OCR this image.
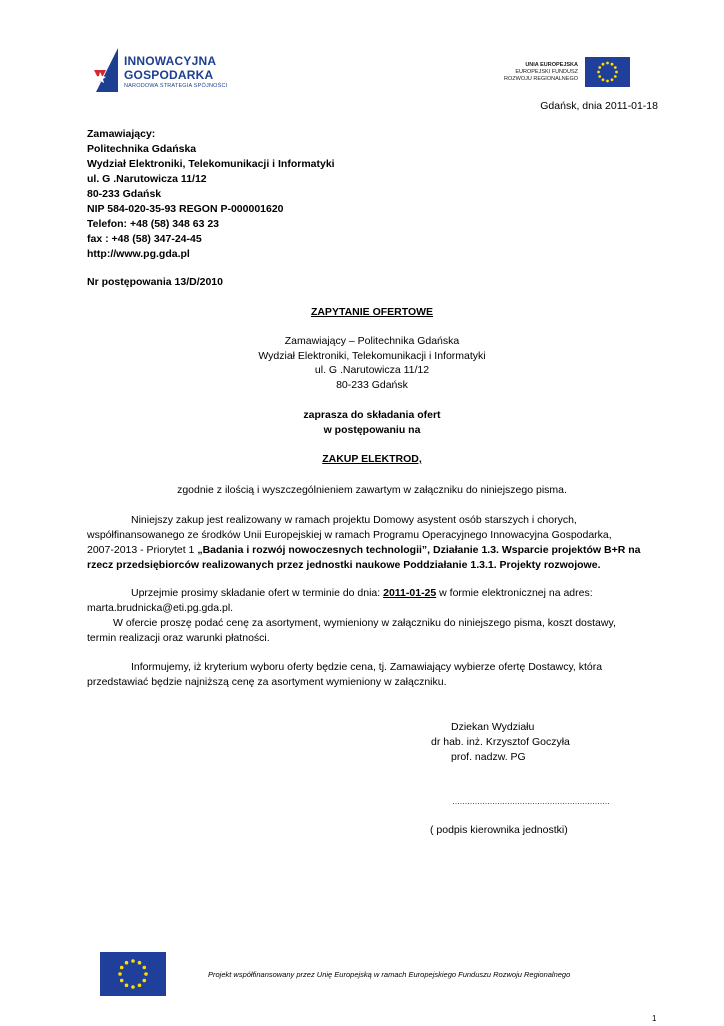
INNOWACYJNA
GOSPODARKA
NARODOWA STRATEGIA SPÓJNOŚCI
UNIA EUROPEJSKA
EUROPEJSKI FUNDUSZ
ROZWOJU REGIONALNEGO
Gdańsk, dnia 2011-01-18
Zamawiający:
Politechnika Gdańska
Wydział Elektroniki, Telekomunikacji i Informatyki
ul. G .Narutowicza 11/12
80-233 Gdańsk
NIP 584-020-35-93 REGON P-000001620
Telefon: +48 (58) 348 63 23
fax : +48 (58) 347-24-45
http://www.pg.gda.pl
Nr postępowania 13/D/2010
ZAPYTANIE OFERTOWE
Zamawiający – Politechnika Gdańska
Wydział Elektroniki, Telekomunikacji i Informatyki
ul. G .Narutowicza 11/12
80-233 Gdańsk
zaprasza do składania ofert
w postępowaniu na
ZAKUP ELEKTROD,
zgodnie z ilością i wyszczególnieniem zawartym w załączniku do niniejszego pisma.
Niniejszy zakup jest realizowany w ramach projektu Domowy asystent osób starszych i chorych,
współfinansowanego ze środków Unii Europejskiej w ramach Programu Operacyjnego Innowacyjna Gospodarka,
2007-2013 - Priorytet 1 „Badania i rozwój nowoczesnych technologii”, Działanie 1.3. Wsparcie projektów B+R na
rzecz przedsiębiorców realizowanych przez jednostki naukowe Poddziałanie 1.3.1. Projekty rozwojowe.
Uprzejmie prosimy składanie ofert w terminie do dnia: 2011-01-25 w formie elektronicznej na adres:
marta.brudnicka@eti.pg.gda.pl.
W ofercie proszę podać cenę za asortyment, wymieniony w załączniku do niniejszego pisma, koszt dostawy,
termin realizacji oraz warunki płatności.
Informujemy, iż kryterium wyboru oferty będzie cena, tj. Zamawiający wybierze ofertę Dostawcy, która
przedstawiać będzie najniższą cenę za asortyment wymieniony w załączniku.
Dziekan Wydziału
dr hab. inż. Krzysztof Goczyła
prof. nadzw. PG
………………………………………………………
( podpis kierownika jednostki)
Projekt współfinansowany przez Unię Europejską w ramach Europejskiego Funduszu Rozwoju Regionalnego
1
